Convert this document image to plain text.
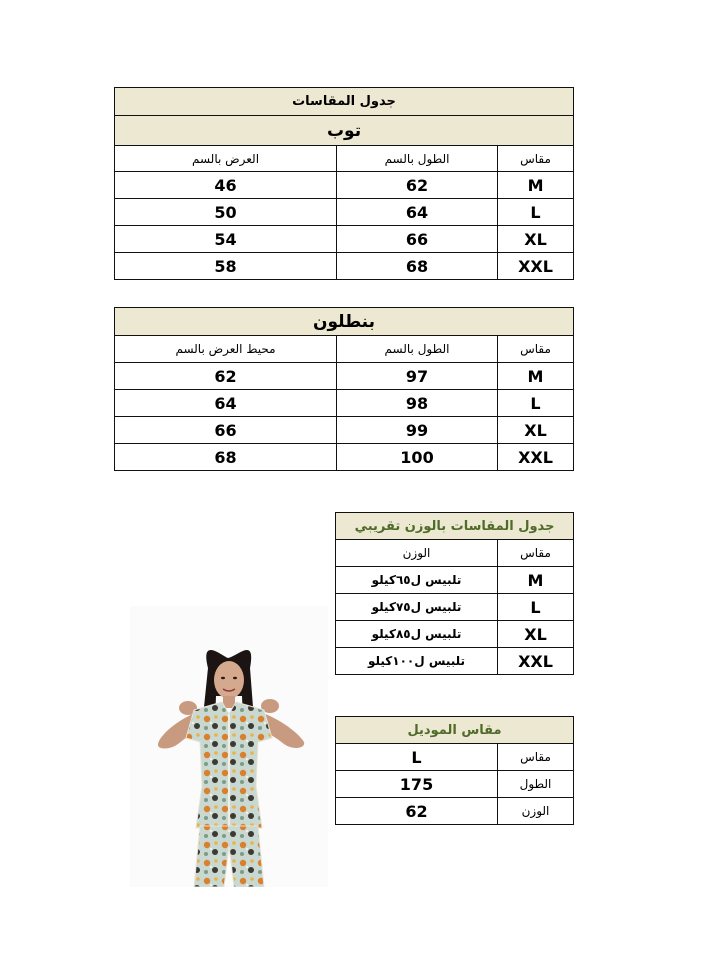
جدول المقاسات		
توب		
مقاس	الطول بالسم	العرض بالسم
M	62	46
L	64	50
XL	66	54
XXL	68	58
بنطلون		
مقاس	الطول بالسم	محيط العرض بالسم
M	97	62
L	98	64
XL	99	66
XXL	100	68
جدول المقاسات بالوزن تقريبي	
مقاس	الوزن
M	تلبيس ل٦٥كيلو
L	تلبيس ل٧٥كيلو
XL	تلبيس ل٨٥كيلو
XXL	تلبيس ل١٠٠كيلو
مقاس الموديل	
مقاس	L
الطول	175
الوزن	62
